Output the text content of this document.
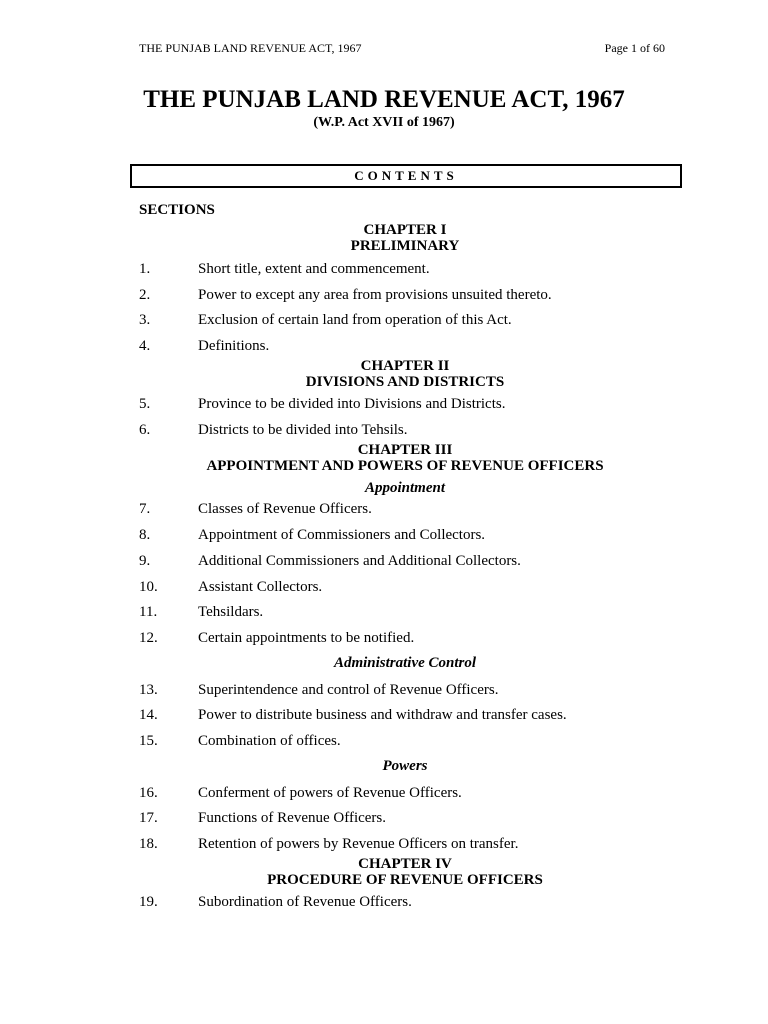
THE PUNJAB LAND REVENUE ACT, 1967	Page 1 of 60
THE PUNJAB LAND REVENUE ACT, 1967
(W.P. Act XVII of 1967)
CONTENTS
SECTIONS
CHAPTER I
PRELIMINARY
1.	Short title, extent and commencement.
2.	Power to except any area from provisions unsuited thereto.
3.	Exclusion of certain land from operation of this Act.
4.	Definitions.
CHAPTER II
DIVISIONS AND DISTRICTS
5.	Province to be divided into Divisions and Districts.
6.	Districts to be divided into Tehsils.
CHAPTER III
APPOINTMENT AND POWERS OF REVENUE OFFICERS
Appointment
7.	Classes of Revenue Officers.
8.	Appointment of Commissioners and Collectors.
9.	Additional Commissioners and Additional Collectors.
10.	Assistant Collectors.
11.	Tehsildars.
12.	Certain appointments to be notified.
Administrative Control
13.	Superintendence and control of Revenue Officers.
14.	Power to distribute business and withdraw and transfer cases.
15.	Combination of offices.
Powers
16.	Conferment of powers of Revenue Officers.
17.	Functions of Revenue Officers.
18.	Retention of powers by Revenue Officers on transfer.
CHAPTER IV
PROCEDURE OF REVENUE OFFICERS
19.	Subordination of Revenue Officers.
